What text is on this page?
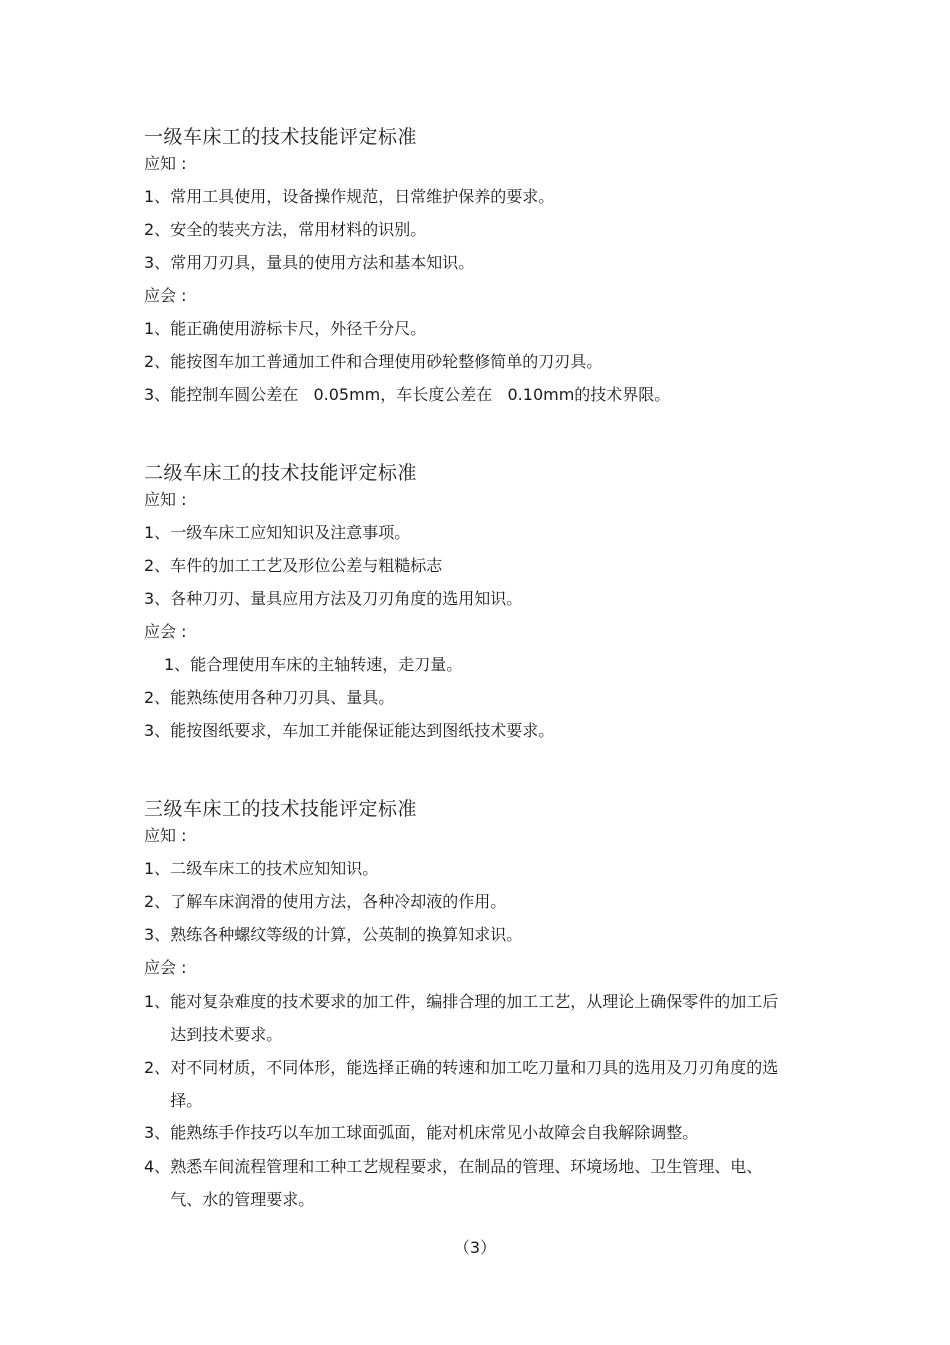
一级车床工的技术技能评定标准

应知 :

1、 常用工具使用，设备操作规范，日常维护保养的要求。
2、 安全的装夹方法，常用材料的识别。
3、 常用刀刃具，量具的使用方法和基本知识。

应会 :

1、 能正确使用游标卡尺，外径千分尺。
2、 能按图车加工普通加工件和合理使用砂轮整修简单的刀刃具。
3、 能控制车圆公差在   0.05mm，车长度公差在   0.10mm的技术界限。
二级车床工的技术技能评定标准

应知 :

1、 一级车床工应知知识及注意事项。
2、 车件的加工工艺及形位公差与粗糙标志
3、 各种刀刃、量具应用方法及刀刃角度的选用知识。

应会 :

1、 能合理使用车床的主轴转速，走刀量。
2、 能熟练使用各种刀刃具、量具。
3、 能按图纸要求，车加工并能保证能达到图纸技术要求。
三级车床工的技术技能评定标准

应知 :

1、 二级车床工的技术应知知识。
2、 了解车床润滑的使用方法，各种冷却液的作用。
3、 熟练各种螺纹等级的计算，公英制的换算知求识。

应会 :

1、 能对复杂难度的技术要求的加工件，编排合理的加工工艺，从理论上确保零件的加工后达到技术要求。
2、 对不同材质，不同体形，能选择正确的转速和加工吃刀量和刀具的选用及刀刃角度的选择。
3、 能熟练手作技巧以车加工球面弧面，能对机床常见小故障会自我解除调整。
4、 熟悉车间流程管理和工种工艺规程要求，在制品的管理、环境场地、卫生管理、电、气、水的管理要求。
（3）
